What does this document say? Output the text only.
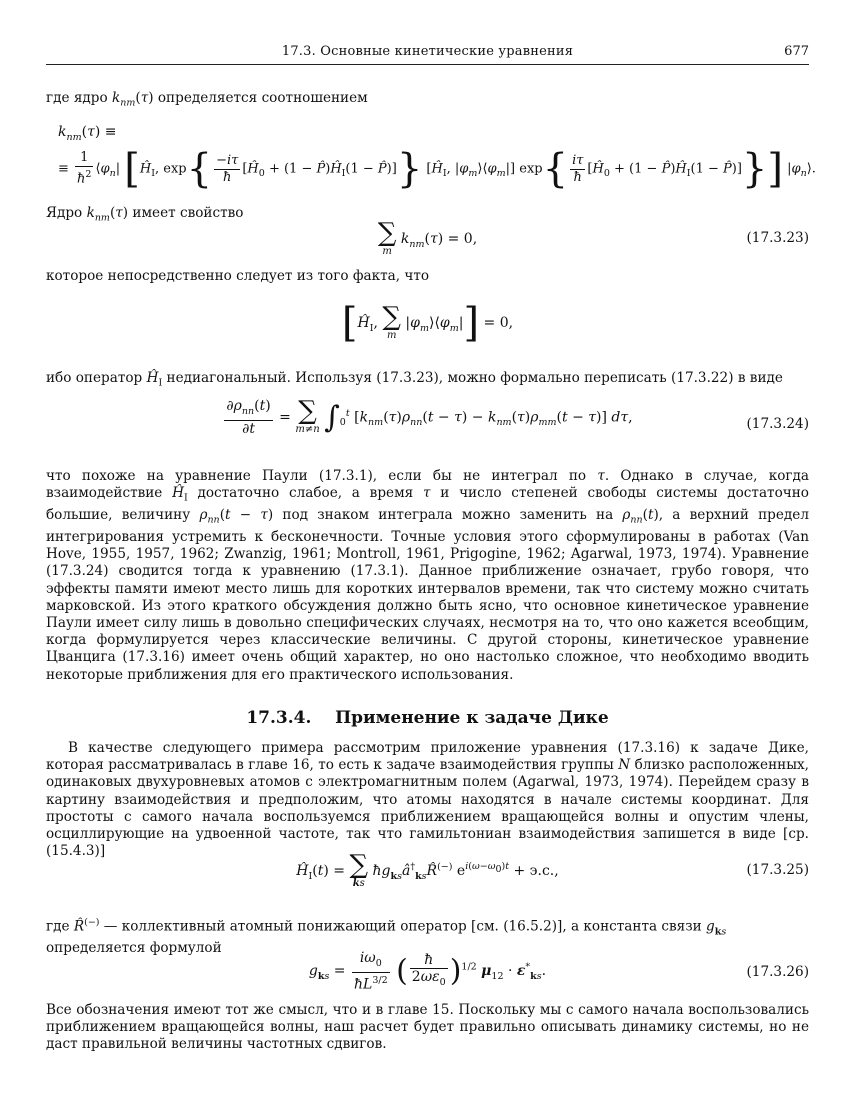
17.3. Основные кинетические уравнения	677
где ядро $k_{nm}(\tau)$ определяется соотношением
$k_{nm}(\tau)$ ≡
≡ $\frac{1}{ħ^2}$ $⟨\varphi_n|$ [$Ĥ_I$, $\exp\{ \frac{-i\tau}{ħ}$ [$Ĥ_0 + (1$ − $P̂)Ĥ_I(1$ − P̂)]} [$Ĥ_I$, $|\varphi_m⟩⟨\varphi_m|$] $\exp\{ \frac{i\tau}{ħ}$ [$Ĥ_0 + (1$ − $P̂)Ĥ_I(1$ − P̂)]}] $|\varphi_n⟩$.
Ядро $k_{nm}(\tau)$ имеет свойство
∑
m
$k_{nm}(\tau) = 0$,	(17.3.23)
которое непосредственно следует из того факта, что
[$Ĥ_I$, ∑
m
$|\varphi_m⟩⟨\varphi_m|] = 0$,
ибо оператор $Ĥ_I$ недиагональный. Используя (17.3.23), можно формально переписать (17.3.22) в виде
$\frac{\partial\rho_{nn}(t)}{\partial t}$ = ∑
m≠n $\int_0^t$ $[k_{nm}(\tau)\rho_{nn}(t - \tau) - k_{nm}(\tau)\rho_{mm}(t - \tau)]$ dτ,	(17.3.24)
что похоже на уравнение Паули (17.3.1), если бы не интеграл по τ. Однако в случае, когда взаимодействие $Ĥ_I$ достаточно слабое, а время τ и число степеней свободы системы достаточно большие, величину $\rho_{nn}(t - \tau)$ под знаком интеграла можно заменить на $\rho_{nn}(t)$, а верхний предел интегрирования устремить к бесконечности. Точные условия этого сформулированы в работах (Van Hove, 1955, 1957, 1962; Zwanzig, 1961; Montroll, 1961, Prigogine, 1962; Agarwal, 1973, 1974). Уравнение (17.3.24) сводится тогда к уравнению (17.3.1). Данное приближение означает, грубо говоря, что эффекты памяти имеют место лишь для коротких интервалов времени, так что систему можно считать марковской. Из этого краткого обсуждения должно быть ясно, что основное кинетическое уравнение Паули имеет силу лишь в довольно специфических случаях, несмотря на то, что оно кажется всеобщим, когда формулируется через классические величины. С другой стороны, кинетическое уравнение Цванцига (17.3.16) имеет очень общий характер, но оно настолько сложное, что необходимо вводить некоторые приближения для его практического использования.
17.3.4.    Применение к задаче Дике
В качестве следующего примера рассмотрим приложение уравнения (17.3.16) к задаче Дике, которая рассматривалась в главе 16, то есть к задаче взаимодействия группы N близко расположенных, одинаковых двухуровневых атомов с электромагнитным полем (Agarwal, 1973, 1974). Перейдем сразу в картину взаимодействия и предположим, что атомы находятся в начале системы координат. Для простоты с самого начала воспользуемся приближением вращающейся волны и опустим члены, осциллирующие на удвоенной частоте, так что гамильтониан взаимодействия запишется в виде [ср.(15.4.3)]
$Ĥ_I(t)$ = ∑
ks
$ħg_{ks}â^\dagger_{ks}R̂^{(-)}$ $e^{i(\omega-\omega_0)t} + э.с$.,	(17.3.25)
где R̂(−) — коллективный атомный понижающий оператор [см. (16.5.2)], а константа связи $g_{ks}$ определяется формулой
$g_{ks} = \frac{i\omega_0}{ħL^{3/2}}$ ( $\frac{ħ}{2\omega\varepsilon_0} )^{1/2}$ $\mu_{12} \cdot \varepsilon^*_{ks}$.	(17.3.26)
Все обозначения имеют тот же смысл, что и в главе 15. Поскольку мы с самого начала воспользовались приближением вращающейся волны, наш расчет будет правильно описывать динамику системы, но не даст правильной величины частотных сдвигов.
